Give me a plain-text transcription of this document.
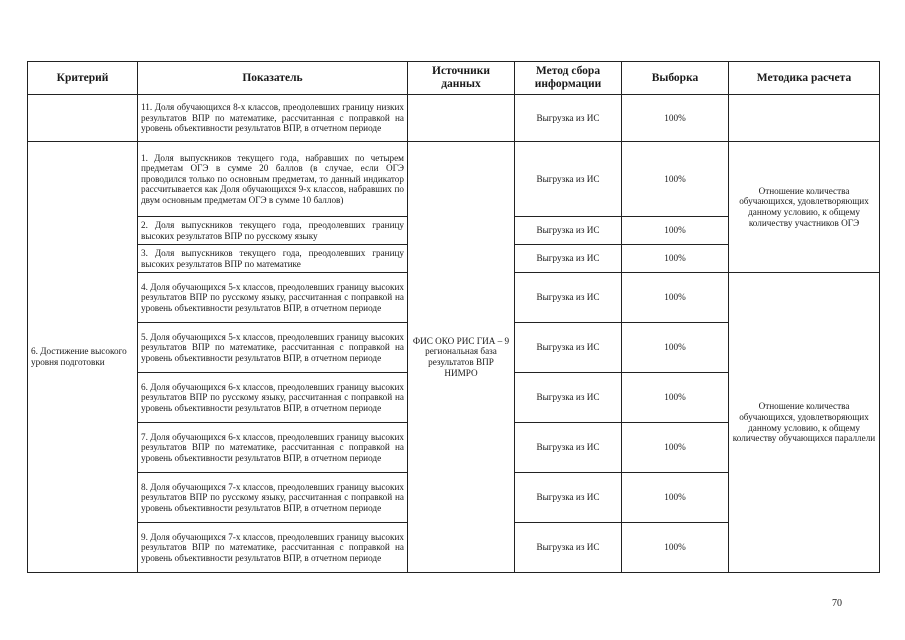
Критерий	Показатель	Источники данных	Метод сбора информации	Выборка	Методика расчета
	11. Доля обучающихся 8-х классов, преодолевших границу низких результатов ВПР по математике, рассчитанная с поправкой на уровень объективности результатов ВПР, в отчетном периоде		Выгрузка из ИС	100%	
6. Достижение высокого уровня подготовки	1. Доля выпускников текущего года, набравших по четырем предметам ОГЭ в сумме 20 баллов (в случае, если ОГЭ проводился только по основным предметам, то данный индикатор рассчитывается как Доля обучающихся 9-х классов, набравших по двум основным предметам ОГЭ в сумме 10 баллов)	ФИС ОКО РИС ГИА – 9 региональная база результатов ВПР НИМРО	Выгрузка из ИС	100%	Отношение количества обучающихся, удовлетворяющих данному условию, к общему количеству участников ОГЭ
	2. Доля выпускников текущего года, преодолевших границу высоких результатов ВПР по русскому языку		Выгрузка из ИС	100%	
	3. Доля выпускников текущего года, преодолевших границу высоких результатов ВПР по математике		Выгрузка из ИС	100%	
	4. Доля обучающихся 5-х классов, преодолевших границу высоких результатов ВПР по русскому языку, рассчитанная с поправкой на уровень объективности результатов ВПР, в отчетном периоде		Выгрузка из ИС	100%	Отношение количества обучающихся, удовлетворяющих данному условию, к общему количеству обучающихся параллели
	5. Доля обучающихся 5-х классов, преодолевших границу высоких результатов ВПР по математике, рассчитанная с поправкой на уровень объективности результатов ВПР, в отчетном периоде		Выгрузка из ИС	100%	
	6. Доля обучающихся 6-х классов, преодолевших границу высоких результатов ВПР по русскому языку, рассчитанная с поправкой на уровень объективности результатов ВПР, в отчетном периоде		Выгрузка из ИС	100%	
	7. Доля обучающихся 6-х классов, преодолевших границу высоких результатов ВПР по математике, рассчитанная с поправкой на уровень объективности результатов ВПР, в отчетном периоде		Выгрузка из ИС	100%	
	8. Доля обучающихся 7-х классов, преодолевших границу высоких результатов ВПР по русскому языку, рассчитанная с поправкой на уровень объективности результатов ВПР, в отчетном периоде		Выгрузка из ИС	100%	
	9. Доля обучающихся 7-х классов, преодолевших границу высоких результатов ВПР по математике, рассчитанная с поправкой на уровень объективности результатов ВПР, в отчетном периоде		Выгрузка из ИС	100%	
70
